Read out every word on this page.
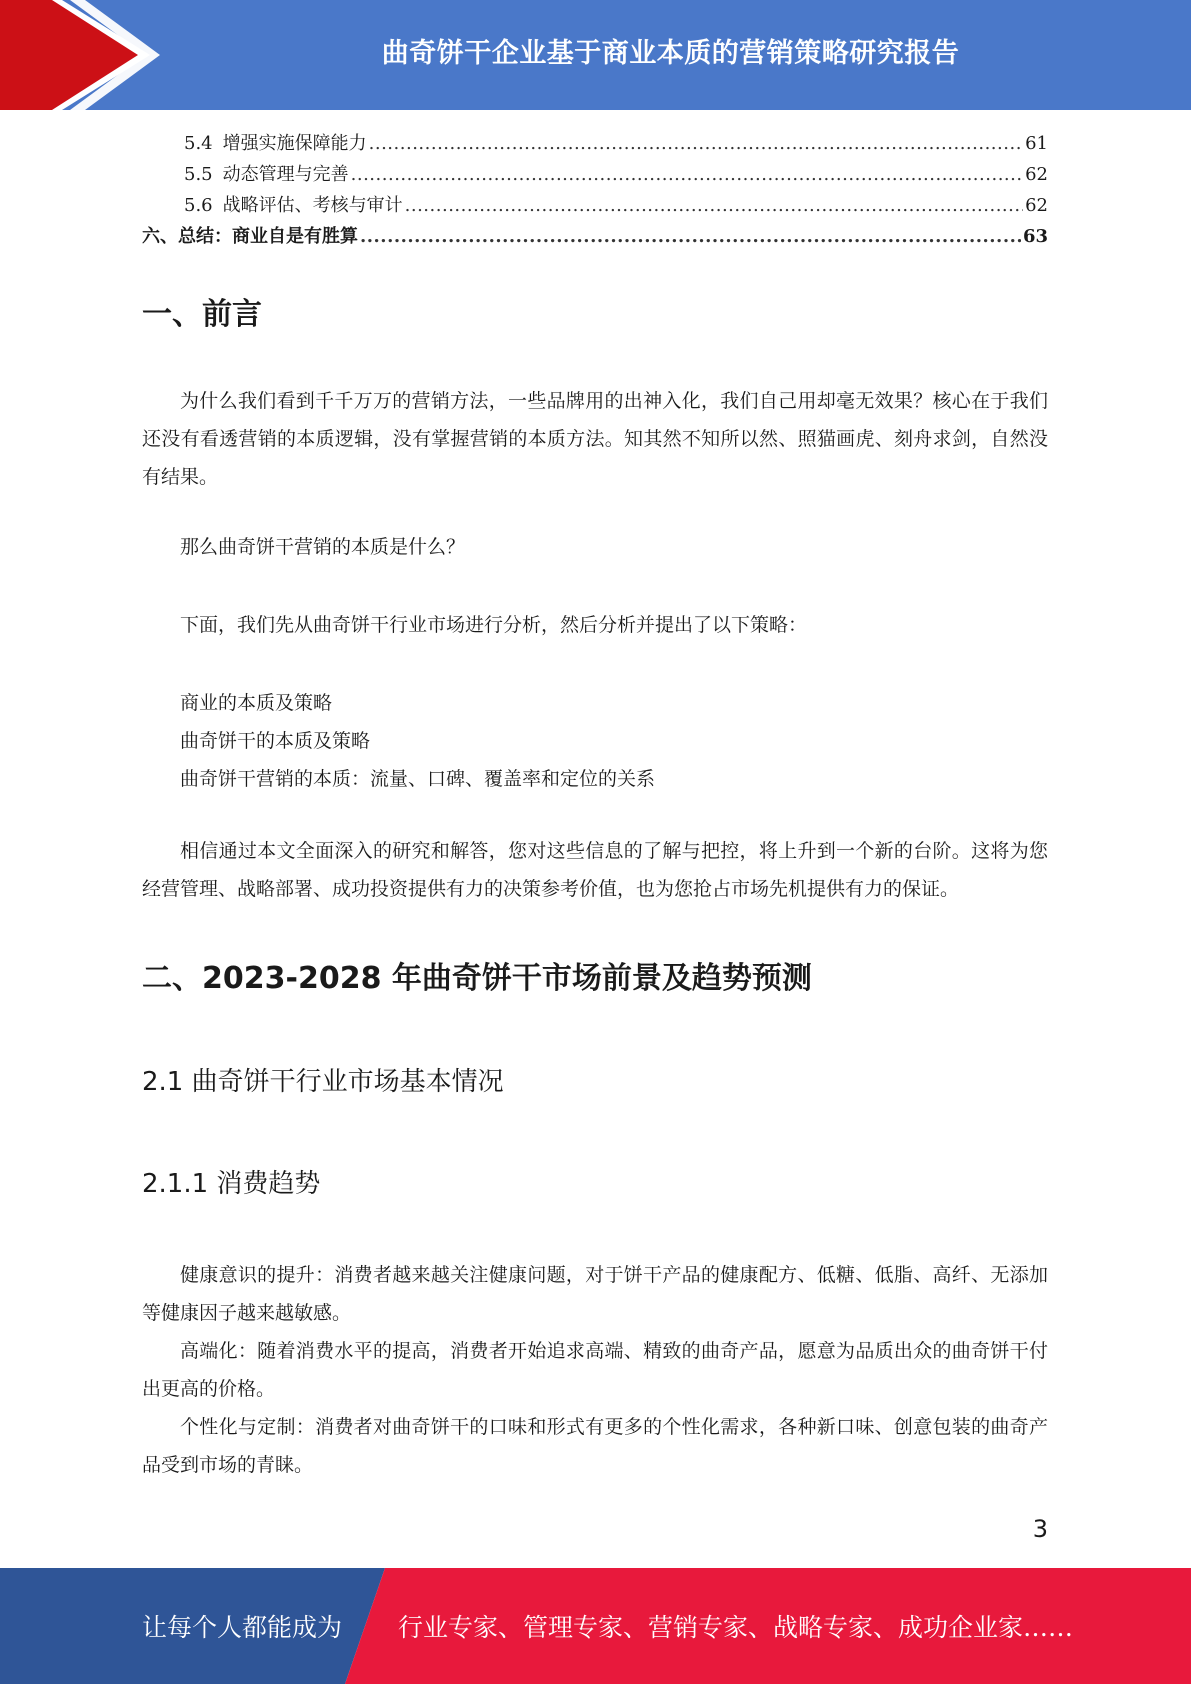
曲奇饼干企业基于商业本质的营销策略研究报告
5.4 增强实施保障能力 .....	61
5.5 动态管理与完善 .....	62
5.6 战略评估、考核与审计 .....	62
六、总结：商业自是有胜算 .....	63
一、前言

为什么我们看到千千万万的营销方法，一些品牌用的出神入化，我们自己用却毫无效果？核心在于我们还没有看透营销的本质逻辑，没有掌握营销的本质方法。知其然不知所以然、照猫画虎、刻舟求剑，自然没有结果。

那么曲奇饼干营销的本质是什么？

下面，我们先从曲奇饼干行业市场进行分析，然后分析并提出了以下策略：

商业的本质及策略

曲奇饼干的本质及策略

曲奇饼干营销的本质：流量、口碑、覆盖率和定位的关系

相信通过本文全面深入的研究和解答，您对这些信息的了解与把控，将上升到一个新的台阶。这将为您经营管理、战略部署、成功投资提供有力的决策参考价值，也为您抢占市场先机提供有力的保证。

二、2023-2028 年曲奇饼干市场前景及趋势预测
2.1 曲奇饼干行业市场基本情况
2.1.1 消费趋势

健康意识的提升：消费者越来越关注健康问题，对于饼干产品的健康配方、低糖、低脂、高纤、无添加等健康因子越来越敏感。

高端化：随着消费水平的提高，消费者开始追求高端、精致的曲奇产品，愿意为品质出众的曲奇饼干付出更高的价格。

个性化与定制：消费者对曲奇饼干的口味和形式有更多的个性化需求，各种新口味、创意包装的曲奇产品受到市场的青睐。

3
让每个人都能成为 行业专家、管理专家、营销专家、战略专家、成功企业家……
